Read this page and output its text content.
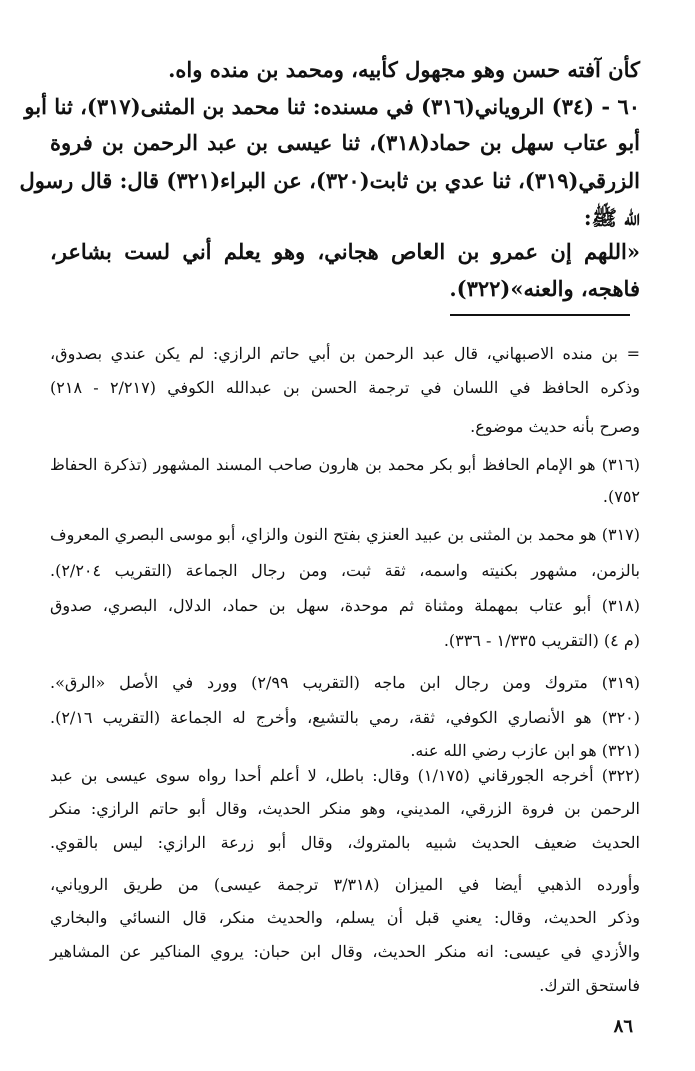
كأن آفته حسن وهو مجهول كأبيه، ومحمد بن منده واه.
٦٠ - (٣٤) الروياني(٣١٦) في مسنده: ثنا محمد بن المثنى(٣١٧)، ثنا أبو
أبو عتاب سهل بن حماد(٣١٨)، ثنا عيسى بن عبد الرحمن بن فروة
الزرقي(٣١٩)، ثنا عدي بن ثابت(٣٢٠)، عن البراء(٣٢١) قال: قال رسول
الله ﷺ:
«اللهم إن عمرو بن العاص هجاني، وهو يعلم أني لست بشاعر،
فاهجه، والعنه»(٣٢٢).
= بن منده الاصبهاني، قال عبد الرحمن بن أبي حاتم الرازي: لم يكن عندي بصدوق،
وذكره الحافظ في اللسان في ترجمة الحسن بن عبدالله الكوفي (٢/٢١٧ - ٢١٨)
وصرح بأنه حديث موضوع.
(٣١٦) هو الإمام الحافظ أبو بكر محمد بن هارون صاحب المسند المشهور (تذكرة الحفاظ
٧٥٢).
(٣١٧) هو محمد بن المثنى بن عبيد العنزي بفتح النون والزاي، أبو موسى البصري المعروف
بالزمن، مشهور بكنيته واسمه، ثقة ثبت، ومن رجال الجماعة (التقريب ٢/٢٠٤).
(٣١٨) أبو عتاب بمهملة ومثناة ثم موحدة، سهل بن حماد، الدلال، البصري، صدوق
(م ٤) (التقريب ١/٣٣٥ - ٣٣٦).
(٣١٩) متروك ومن رجال ابن ماجه (التقريب ٢/٩٩) وورد في الأصل «الرق».
(٣٢٠) هو الأنصاري الكوفي، ثقة، رمي بالتشيع، وأخرج له الجماعة (التقريب ٢/١٦).
(٣٢١) هو ابن عازب رضي الله عنه.
(٣٢٢) أخرجه الجورقاني (١/١٧٥) وقال: باطل، لا أعلم أحدا رواه سوى عيسى بن عبد
الرحمن بن فروة الزرقي، المديني، وهو منكر الحديث، وقال أبو حاتم الرازي: منكر
الحديث ضعيف الحديث شبيه بالمتروك، وقال أبو زرعة الرازي: ليس بالقوي.
وأورده الذهبي أيضا في الميزان (٣/٣١٨ ترجمة عيسى) من طريق الروياني،
وذكر الحديث، وقال: يعني قبل أن يسلم، والحديث منكر، قال النسائي والبخاري
والأزدي في عيسى: انه منكر الحديث، وقال ابن حبان: يروي المناكير عن المشاهير
فاستحق الترك.
٨٦
